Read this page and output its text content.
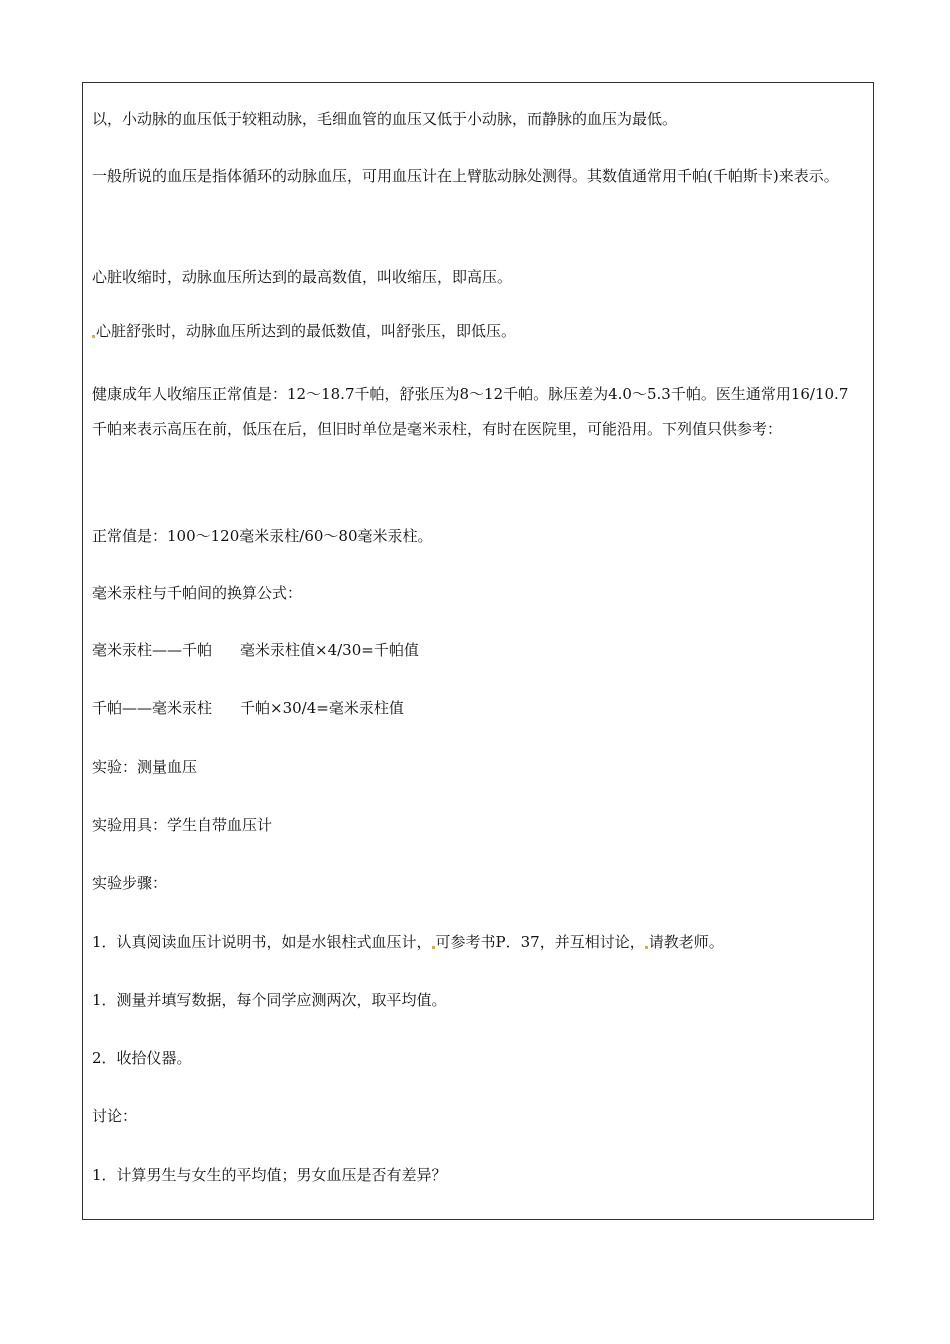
以，小动脉的血压低于较粗动脉，毛细血管的血压又低于小动脉，而静脉的血压为最低。

一般所说的血压是指体循环的动脉血压，可用血压计在上臂肱动脉处测得。其数值通常用千帕(千帕斯卡)来表示。

心脏收缩时，动脉血压所达到的最高数值，叫收缩压，即高压。

心脏舒张时，动脉血压所达到的最低数值，叫舒张压，即低压。

健康成年人收缩压正常值是：12～18.7千帕，舒张压为8～12千帕。脉压差为4.0～5.3千帕。医生通常用16/10.7千帕来表示高压在前，低压在后，但旧时单位是毫米汞柱，有时在医院里，可能沿用。下列值只供参考：

正常值是：100～120毫米汞柱/60～80毫米汞柱。

毫米汞柱与千帕间的换算公式：

毫米汞柱——千帕 毫米汞柱值×4/30=千帕值

千帕——毫米汞柱 千帕×30/4=毫米汞柱值

实验：测量血压

实验用具：学生自带血压计

实验步骤：

1．认真阅读血压计说明书，如是水银柱式血压计， 可参考书P．37，并互相讨论， 请教老师。

1．测量并填写数据，每个同学应测两次，取平均值。

2．收拾仪器。

讨论：

1．计算男生与女生的平均值；男女血压是否有差异？
